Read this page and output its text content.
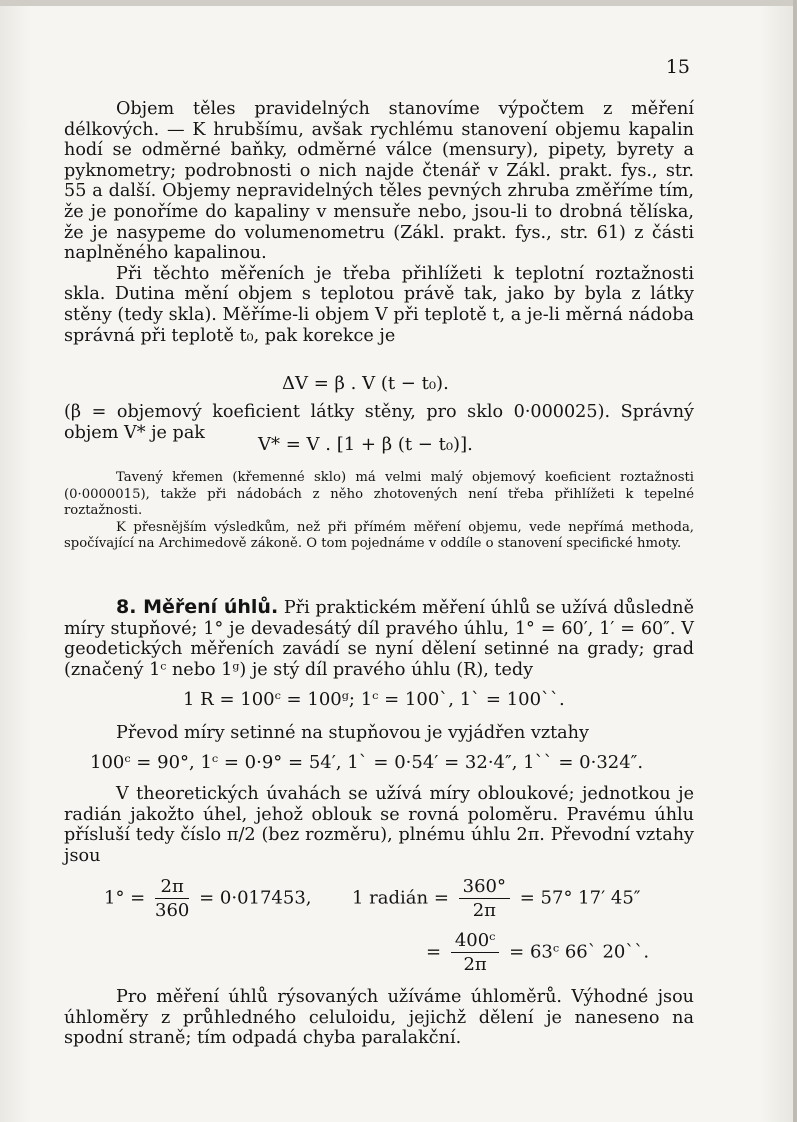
15

Objem těles pravidelných stanovíme výpočtem z měření délkových. — K hrubšímu, avšak rychlému stanovení objemu kapalin hodí se odměrné baňky, odměrné válce (mensury), pipety, byrety a pyknometry; podrobnosti o nich najde čtenář v Zákl. prakt. fys., str. 55 a další. Objemy nepravidelných těles pevných zhruba změříme tím, že je ponoříme do kapaliny v mensuře nebo, jsou-li to drobná tělíska, že je nasypeme do volumenometru (Zákl. prakt. fys., str. 61) z části naplněného kapalinou.

Při těchto měřeních je třeba přihlížeti k teplotní roztažnosti skla. Dutina mění objem s teplotou právě tak, jako by byla z látky stěny (tedy skla). Měříme-li objem V při teplotě t, a je-li měrná nádoba správná při teplotě t₀, pak korekce je

ΔV = β . V (t − t₀).

(β = objemový koeficient látky stěny, pro sklo 0·000025). Správný objem V* je pak

V* = V . [1 + β (t − t₀)].

Tavený křemen (křemenné sklo) má velmi malý objemový koeficient roztažnosti (0·0000015), takže při nádobách z něho zhotovených není třeba přihlížeti k tepelné roztažnosti.

K přesnějším výsledkům, než při přímém měření objemu, vede nepřímá methoda, spočívající na Archimedově zákoně. O tom pojednáme v oddíle o stanovení specifické hmoty.

8. Měření úhlů. Při praktickém měření úhlů se užívá důsledně míry stupňové; 1° je devadesátý díl pravého úhlu, 1° = 60′, 1′ = 60″. V geodetických měřeních zavádí se nyní dělení setinné na grady; grad (značený 1ᶜ nebo 1ᵍ) je stý díl pravého úhlu (R), tedy

1 R = 100ᶜ = 100ᵍ; 1ᶜ = 100`, 1` = 100``.

Převod míry setinné na stupňovou je vyjádřen vztahy

100ᶜ = 90°, 1ᶜ = 0·9° = 54′, 1` = 0·54′ = 32·4″, 1`` = 0·324″.

V theoretických úvahách se užívá míry obloukové; jednotkou je radián jakožto úhel, jehož oblouk se rovná poloměru. Pravému úhlu přísluší tedy číslo π/2 (bez rozměru), plnému úhlu 2π. Převodní vztahy jsou

$1^\circ = \frac{2\pi}{360} = 0\cdot 017453$, 1 radián = $\frac{360^\circ}{2\pi} = 57^\circ$ 17′ 45″
= $\frac{\text{400ᶜ}}{2\pi}$ = 63ᶜ 66` 20``.

Pro měření úhlů rýsovaných užíváme úhloměrů. Výhodné jsou úhloměry z průhledného celuloidu, jejichž dělení je naneseno na spodní straně; tím odpadá chyba paralakční.
